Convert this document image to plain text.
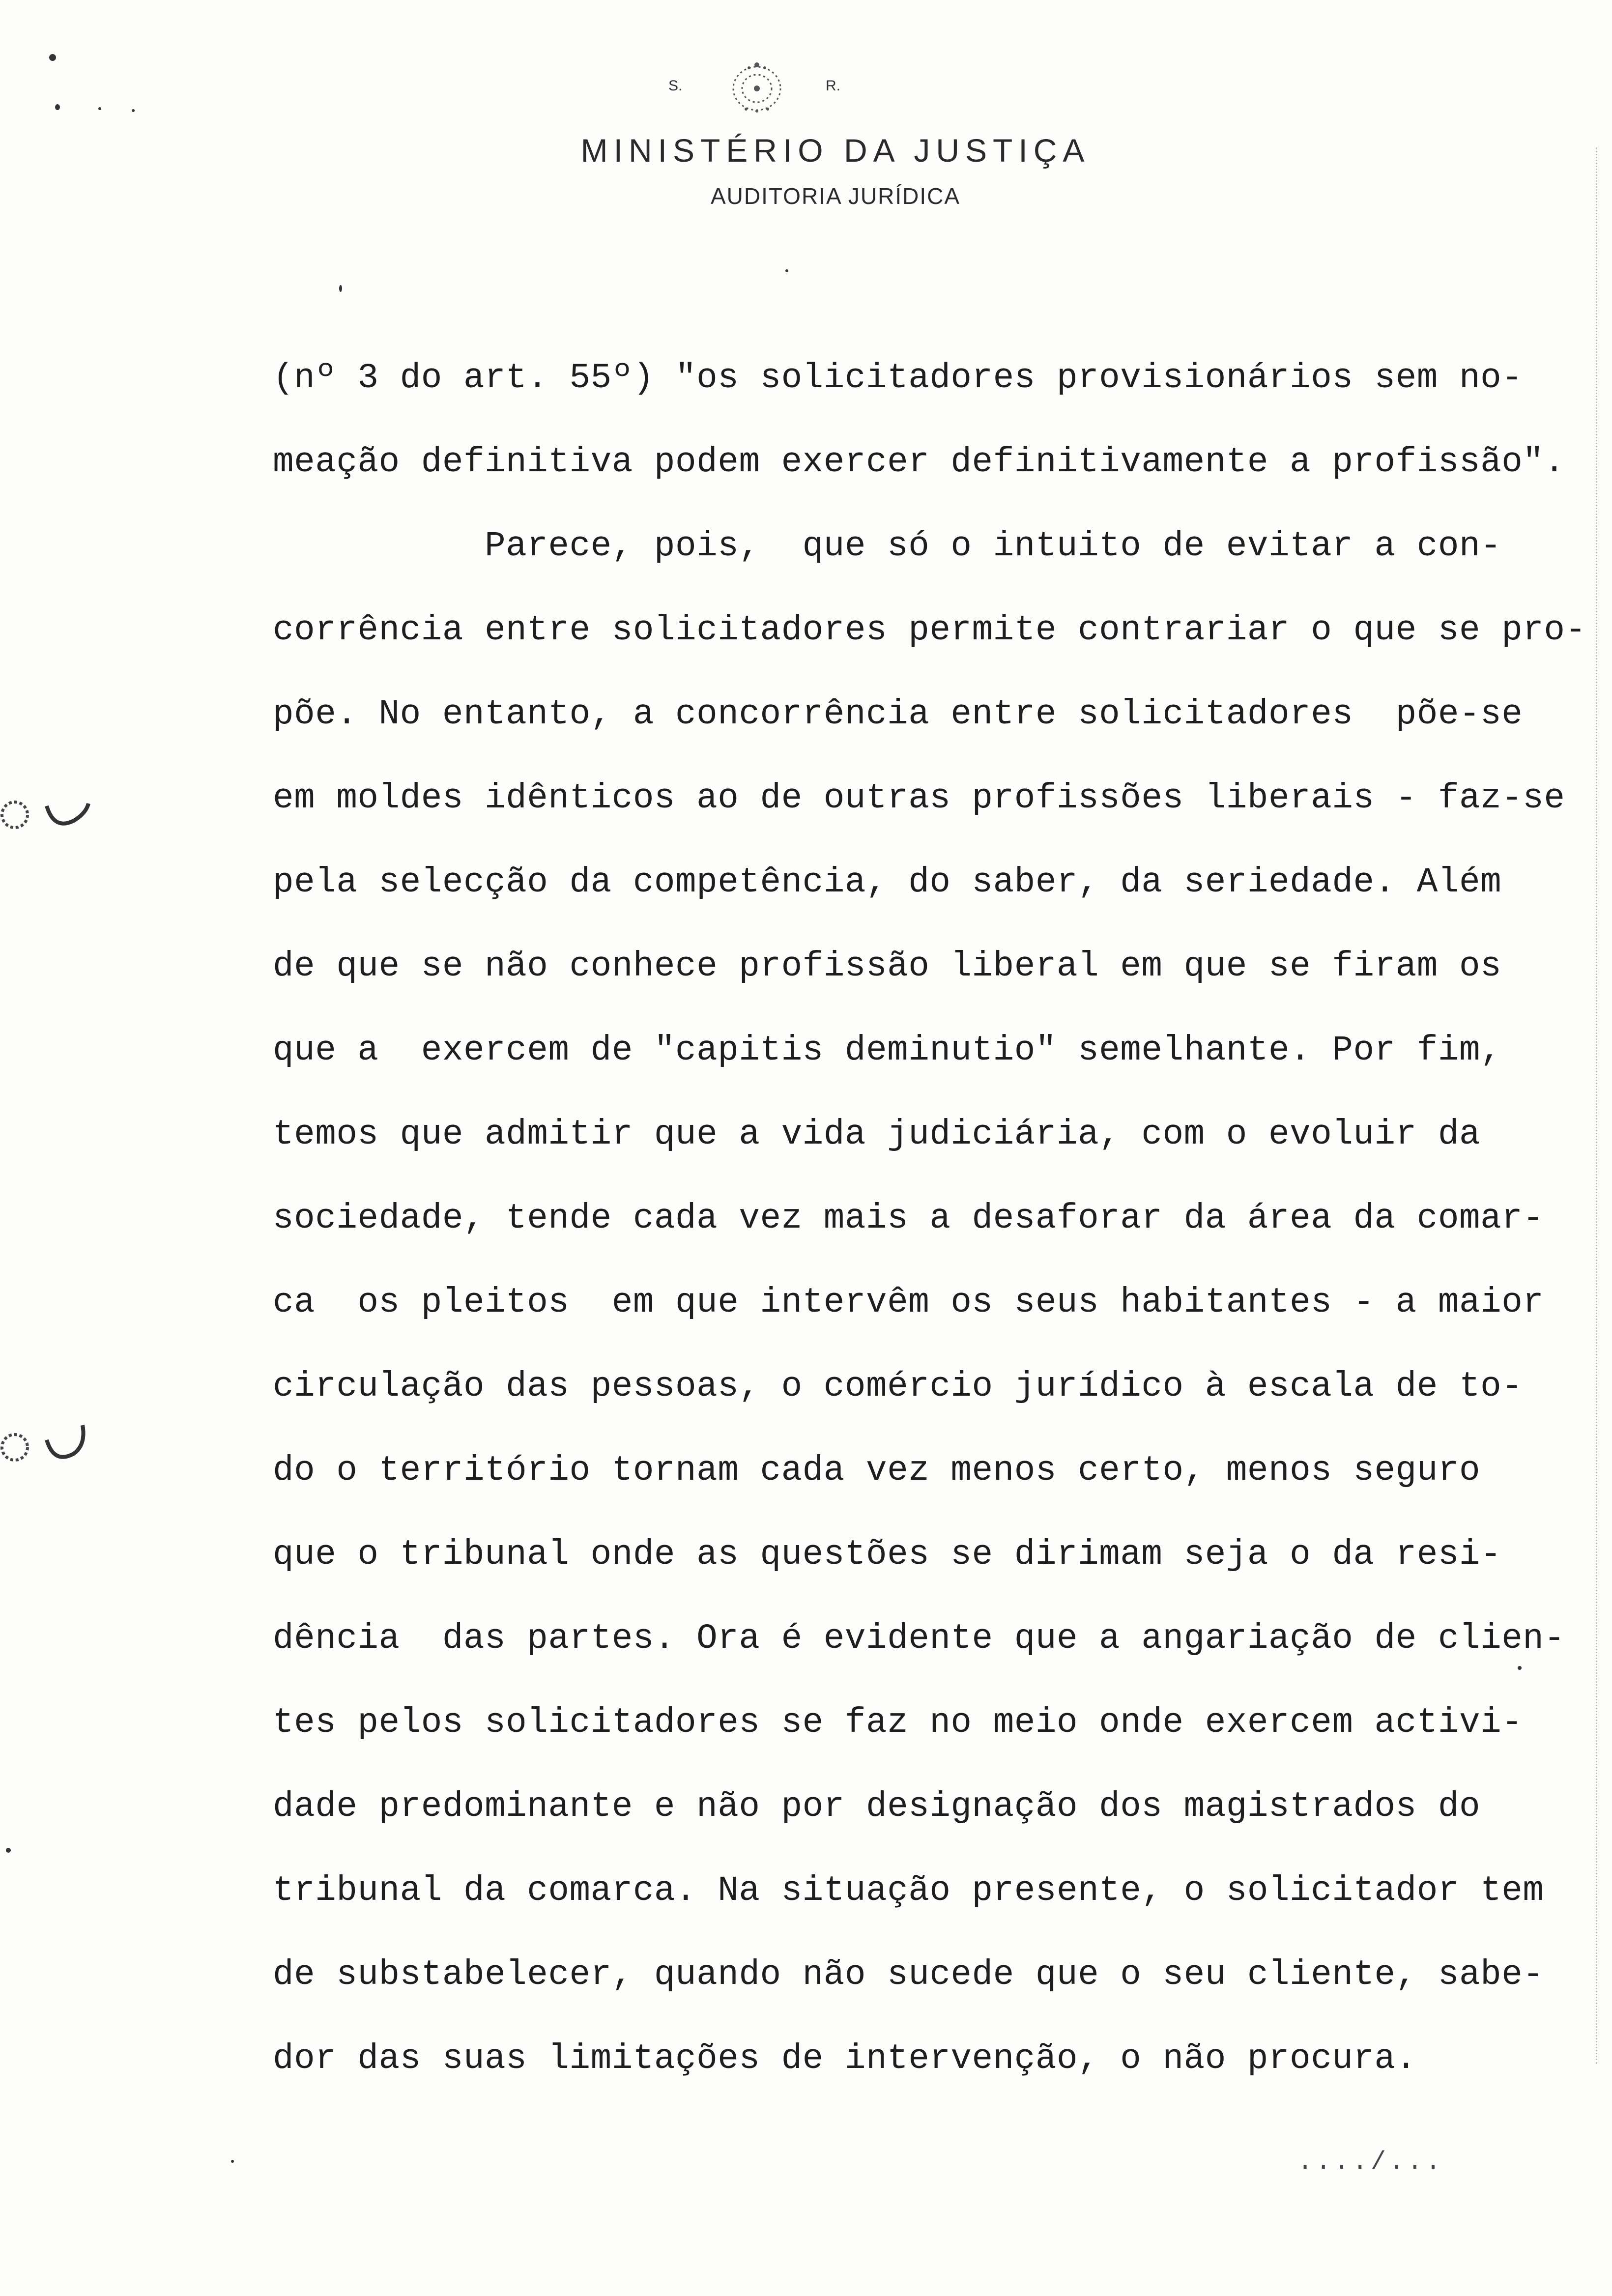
S.	R.
MINISTÉRIO DA JUSTIÇA
AUDITORIA JURÍDICA
(nº 3 do art. 55º) "os solicitadores provisionários sem no-
meação definitiva podem exercer definitivamente a profissão".
Parece, pois,  que só o intuito de evitar a con-
corrência entre solicitadores permite contrariar o que se pro-
põe. No entanto, a concorrência entre solicitadores  põe-se
em moldes idênticos ao de outras profissões liberais - faz-se
pela selecção da competência, do saber, da seriedade. Além
de que se não conhece profissão liberal em que se firam os
que a  exercem de "capitis deminutio" semelhante. Por fim,
temos que admitir que a vida judiciária, com o evoluir da
sociedade, tende cada vez mais a desaforar da área da comar-
ca  os pleitos  em que intervêm os seus habitantes - a maior
circulação das pessoas, o comércio jurídico à escala de to-
do o território tornam cada vez menos certo, menos seguro
que o tribunal onde as questões se dirimam seja o da resi-
dência  das partes. Ora é evidente que a angariação de clien-
tes pelos solicitadores se faz no meio onde exercem activi-
dade predominante e não por designação dos magistrados do
tribunal da comarca. Na situação presente, o solicitador tem
de substabelecer, quando não sucede que o seu cliente, sabe-
dor das suas limitações de intervenção, o não procura.
..../...
